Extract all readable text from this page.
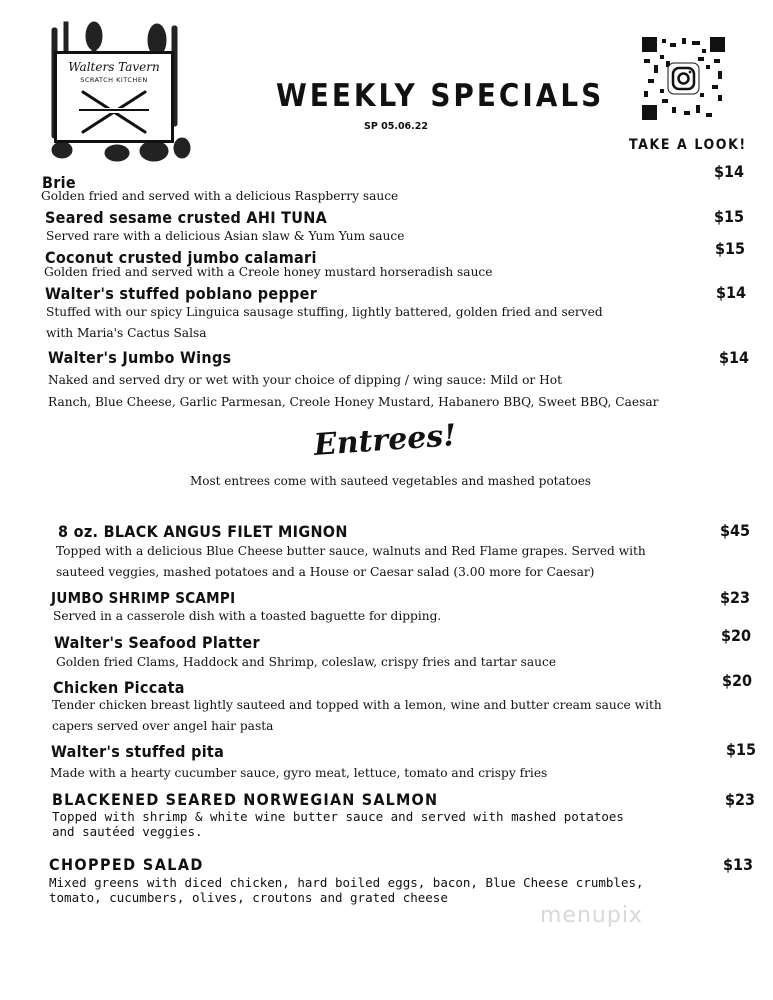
Walters Tavern
SCRATCH KITCHEN	WEEKLY SPECIALS
SP 05.06.22
TAKE A LOOK!
Brie
Golden fried and served with a delicious Raspberry sauce
$14
Seared sesame crusted AHI TUNA
Served rare with a delicious Asian slaw & Yum Yum sauce
$15
Coconut crusted jumbo calamari
Golden fried and served with a Creole honey mustard horseradish sauce
$15
Walter's stuffed poblano pepper
Stuffed with our spicy Linguica sausage stuffing, lightly battered, golden fried and served
with Maria's Cactus Salsa
$14
Walter's Jumbo Wings
Naked and served dry or wet with your choice of dipping / wing sauce: Mild or Hot
Ranch, Blue Cheese, Garlic Parmesan, Creole Honey Mustard, Habanero BBQ, Sweet BBQ, Caesar
$14
Entrees!
Most entrees come with sauteed vegetables and mashed potatoes
8 oz. BLACK ANGUS FILET MIGNON
Topped with a delicious Blue Cheese butter sauce, walnuts and Red Flame grapes. Served with
sauteed veggies, mashed potatoes and a House or Caesar salad (3.00 more for Caesar)
$45
JUMBO SHRIMP SCAMPI
Served in a casserole dish with a toasted baguette for dipping.
$23
Walter's Seafood Platter
Golden fried Clams, Haddock and Shrimp, coleslaw, crispy fries and tartar sauce
$20
Chicken Piccata
Tender chicken breast lightly sauteed and topped with a lemon, wine and butter cream sauce with
capers served over angel hair pasta
$20
Walter's stuffed pita
Made with a hearty cucumber sauce, gyro meat, lettuce, tomato and crispy fries
$15
BLACKENED SEARED NORWEGIAN SALMON
Topped with shrimp & white wine butter sauce and served with mashed potatoes
and sautéed veggies.
$23
CHOPPED SALAD
Mixed greens with diced chicken, hard boiled eggs, bacon, Blue Cheese crumbles,
tomato, cucumbers, olives, croutons and grated cheese
$13
menupix
